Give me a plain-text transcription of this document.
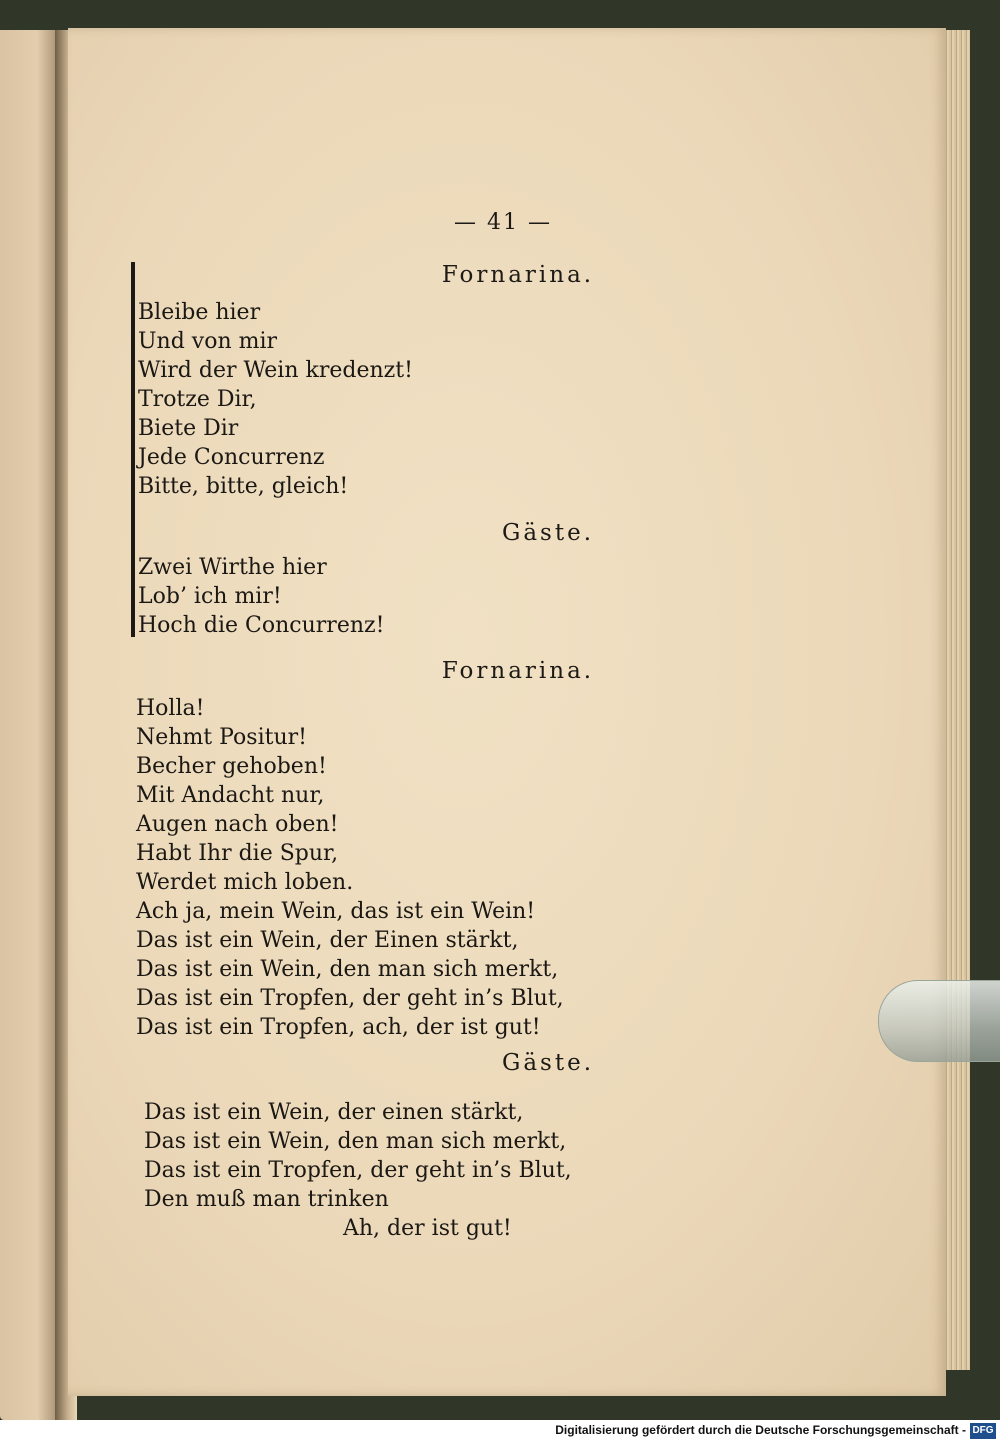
— 41 —
Fornarina.
Bleibe hier
Und von mir
Wird der Wein kredenzt!
Trotze Dir,
Biete Dir
Jede Concurrenz
Bitte, bitte, gleich!
Gäste.
Zwei Wirthe hier
Lob’ ich mir!
Hoch die Concurrenz!
Fornarina.
Holla!
Nehmt Positur!
Becher gehoben!
Mit Andacht nur,
Augen nach oben!
Habt Ihr die Spur,
Werdet mich loben.
Ach ja, mein Wein, das ist ein Wein!
Das ist ein Wein, der Einen stärkt,
Das ist ein Wein, den man sich merkt,
Das ist ein Tropfen, der geht in’s Blut,
Das ist ein Tropfen, ach, der ist gut!
Gäste.
Das ist ein Wein, der einen stärkt,
Das ist ein Wein, den man sich merkt,
Das ist ein Tropfen, der geht in’s Blut,
Den muß man trinken
Ah, der ist gut!
Digitalisierung gefördert durch die Deutsche Forschungsgemeinschaft - DFG
